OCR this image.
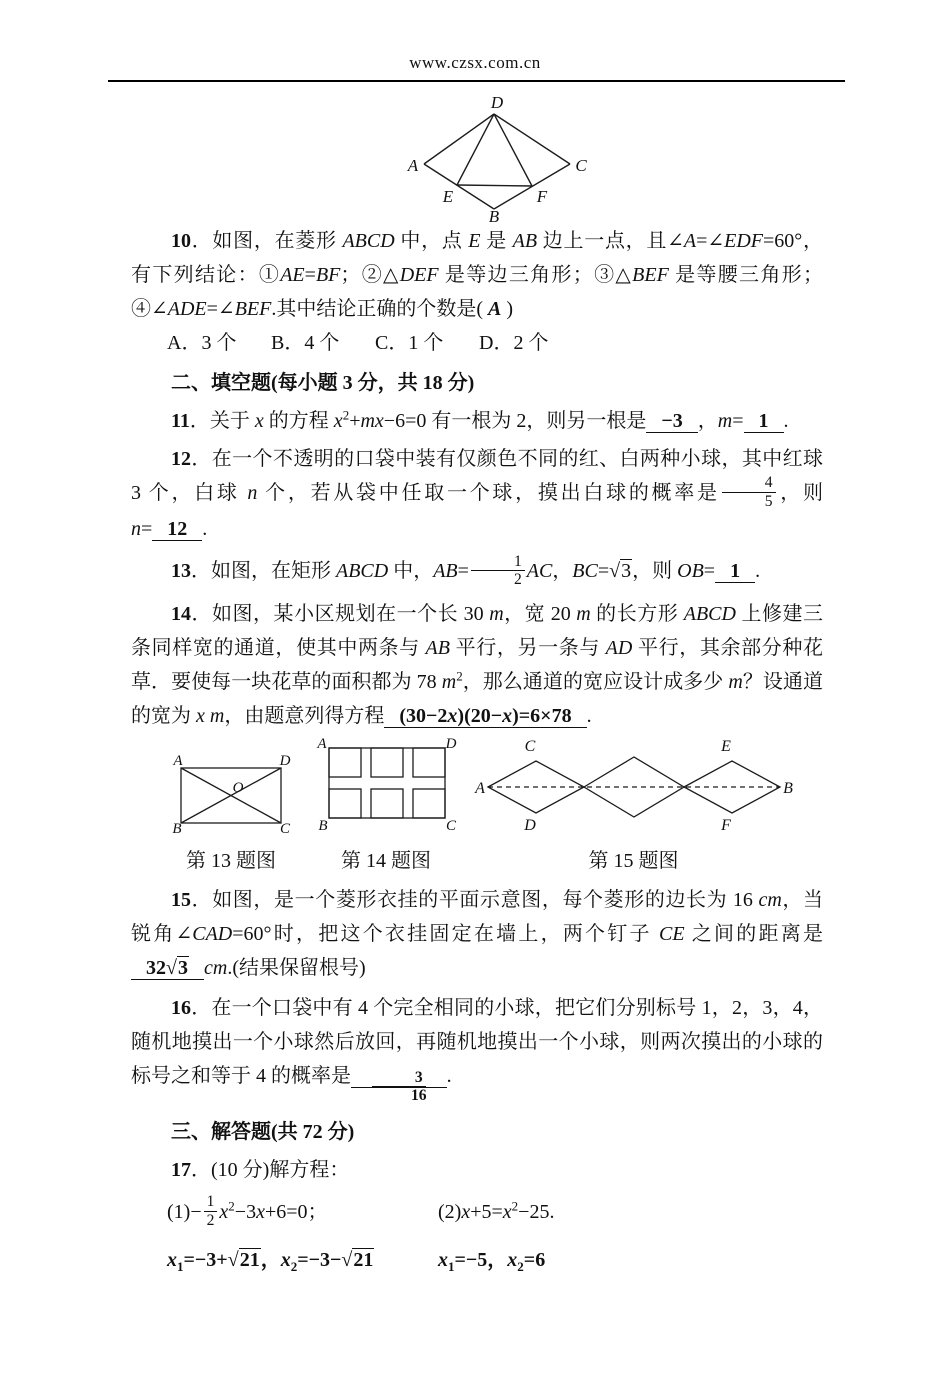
www.czsx.com.cn

D
A	C
B
E	F

10．如图，在菱形 ABCD 中，点 E 是 AB 边上一点，且∠A=∠EDF=60°，有下列结论：①AE=BF；②△DEF 是等边三角形；③△BEF 是等腰三角形；④∠ADE=∠BEF.其中结论正确的个数是( A )

A．3 个	B．4 个	C．1 个	D．2 个

二、填空题(每小题 3 分，共 18 分)

11．关于 x 的方程 $x^2+mx-6=0$ 有一根为 2，则另一根是 −3 ，m= 1 .

12．在一个不透明的口袋中装有仅颜色不同的红、白两种小球，其中红球 3 个，白球 n 个，若从袋中任取一个球，摸出白球的概率是 $\frac{4}{5}$ ，则 n= 12 .

13．如图，在矩形 ABCD 中，$AB= \frac{1}{2}$ AC，BC=√3，则 OB= 1 .

14．如图，某小区规划在一个长 30 m，宽 20 m 的长方形 ABCD 上修建三条同样宽的通道，使其中两条与 AB 平行，另一条与 AD 平行，其余部分种花草．要使每一块花草的面积都为 78 $m^2$，那么通道的宽应设计成多少 m？设通道的宽为 x m，由题意列得方程 (30−2x)(20−x)=6×78 .

A	D
B	C
O
第 13 题图
A	D
B	C
第 14 题图
A	B
C
D
E
F
第 15 题图

15．如图，是一个菱形衣挂的平面示意图，每个菱形的边长为 16 cm，当锐角∠CAD=60°时，把这个衣挂固定在墙上，两个钉子 CE 之间的距离是32√3 cm.(结果保留根号)

16．在一个口袋中有 4 个完全相同的小球，把它们分别标号 1，2，3，4，随机地摸出一个小球然后放回，再随机地摸出一个小球，则两次摸出的小球的标号之和等于 4 的概率是 $\frac{3}{16}$ .

三、解答题(共 72 分)

17．(10 分)解方程：

$(1)- \frac{1}{2} x^2-3x+6=0$；	$(2)x+5=x^2-25$.

$x_1=-3+√21$，$x_2=-3-√21$	$x_1=-5$，$x_2=6$
